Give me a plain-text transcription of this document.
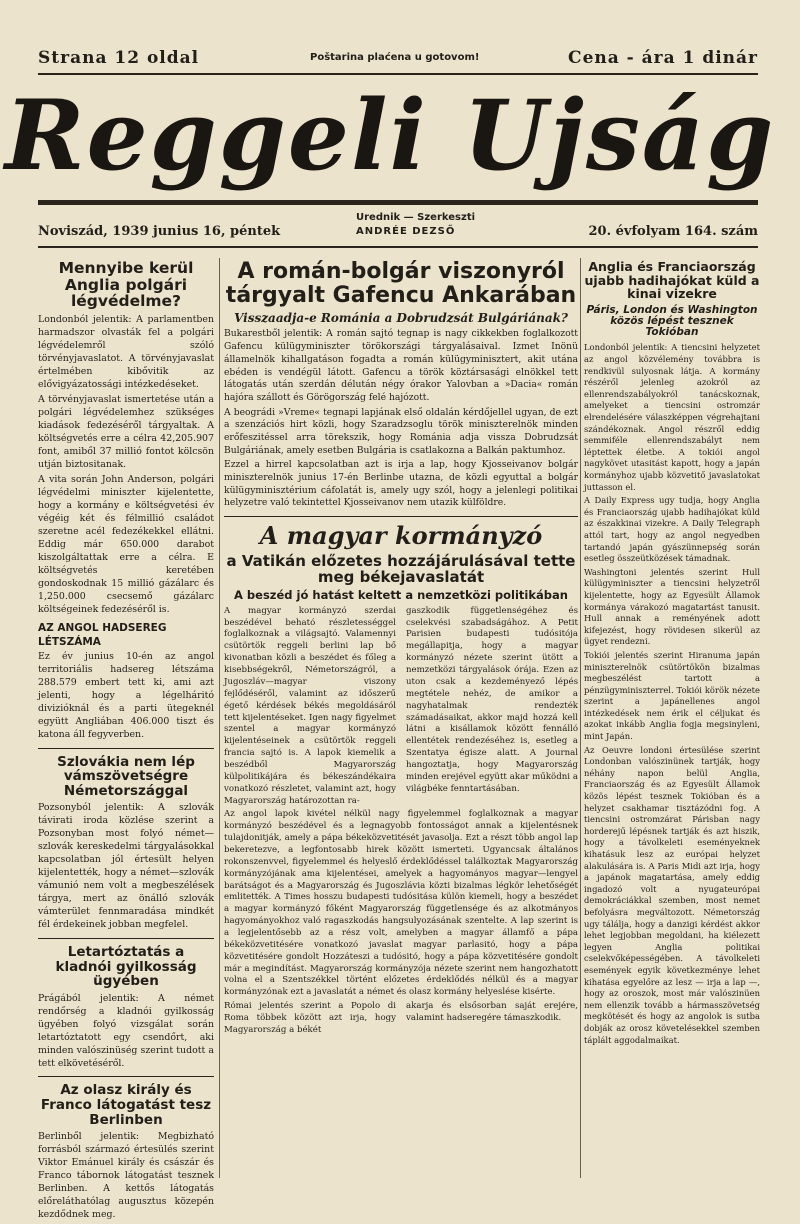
Strana 12 oldal	Poštarina plaćena u gotovom!	Cena - ára 1 dinár
Reggeli Ujság
Noviszád, 1939 junius 16, péntek
Urednik — Szerkeszti
ANDRÉE DEZSŐ	20. évfolyam 164. szám
Mennyibe kerül Anglia polgári légvédelme?

Londonból jelentik: A parlamentben harmadszor olvasták fel a polgári légvédelemről szóló törvényjavaslatot. A törvényjavaslat értelmében kibővitik az elővigyázatossági intézkedéseket.

A törvényjavaslat ismertetése után a polgári légvédelemhez szükséges kiadások fedezéséről tárgyaltak. A költségvetés erre a célra 42,205.907 font, amiből 37 millió fontot kölcsön utján biztositanak.

A vita során John Anderson, polgári légvédelmi miniszter kijelentette, hogy a kormány e költségvetési év végéig két és félmillió családot szeretne acél fedezékekkel ellátni. Eddig már 650.000 darabot kiszolgáltattak erre a célra. E költségvetés keretében gondoskodnak 15 millió gázálarc és 1,250.000 csecsemő gázálarc költségeinek fedezéséről is.

AZ ANGOL HADSEREG LÉTSZÁMA

Ez év junius 10-én az angol territoriális hadsereg létszáma 288.579 embert tett ki, ami azt jelenti, hogy a légelháritó divizióknál és a parti ütegeknél együtt Angliában 406.000 tiszt és katona áll fegyverben.

Szlovákia nem lép vámszövetségre Németországgal

Pozsonyból jelentik: A szlovák távirati iroda közlése szerint a Pozsonyban most folyó német—szlovák kereskedelmi tárgyalásokkal kapcsolatban jól értesült helyen kijelentették, hogy a német—szlovák vámunió nem volt a megbeszélések tárgya, mert az önálló szlovák vámterület fennmaradása mindkét fél érdekeinek jobban megfelel.

Letartóztatás a kladnói gyilkosság ügyében

Prágából jelentik: A német rendőrség a kladnói gyilkosság ügyében folyó vizsgálat során letartóztatott egy csendőrt, aki minden valószinüség szerint tudott a tett elkövetéséről.

Az olasz király és Franco látogatást tesz Berlinben

Berlinből jelentik: Megbizható forrásból származó értesülés szerint Viktor Emánuel király és császár és Franco tábornok látogatást tesznek Berlinben. A kettős látogatás előreláthatólag augusztus közepén kezdődnek meg.

A román-bolgár viszonyról tárgyalt Gafencu Ankarában
Visszaadja-e Románia a Dobrudzsát Bulgáriának?

Bukarestből jelentik: A román sajtó tegnap is nagy cikkekben foglalkozott Gafencu külügyminiszter törökországi tárgyalásaival. Izmet Inönü államelnök kihallgatáson fogadta a román külügyminisztert, akit utána ebéden is vendégül látott. Gafencu a török köztársasági elnökkel tett látogatás után szerdán délután négy órakor Yalovban a »Dacia« román hajóra szállott és Görögország felé hajózott.

A beográdi »Vreme« tegnapi lapjának első oldalán kérdőjellel ugyan, de ezt a szenzációs hirt közli, hogy Szaradzsoglu török miniszterelnök minden erőfeszitéssel arra törekszik, hogy Románia adja vissza Dobrudzsát Bulgáriának, amely esetben Bulgária is csatlakozna a Balkán paktumhoz.

Ezzel a hirrel kapcsolatban azt is irja a lap, hogy Kjosseivanov bolgár miniszterelnök junius 17-én Berlinbe utazna, de közli egyuttal a bolgár külügyminisztérium cáfolatát is, amely ugy szól, hogy a jelenlegi politikai helyzetre való tekintettel Kjosseivanov nem utazik külföldre.

A magyar kormányzó
a Vatikán előzetes hozzájárulásával tette meg békejavaslatát
A beszéd jó hatást keltett a nemzetközi politikában

A magyar kormányzó szerdai beszédével beható részletességgel foglalkoznak a világsajtó. Valamennyi csütörtök reggeli berlini lap bő kivonatban közli a beszédet és főleg a kisebbségekről, Németországról, a Jugoszláv—magyar viszony fejlődéséről, valamint az időszerű égető kérdések békés megoldásáról tett kijelentéseket. Igen nagy figyelmet szentel a magyar kormányzó kijelentéseinek a csütörtök reggeli francia sajtó is. A lapok kiemelik a beszédből Magyarország külpolitikájára és békeszándékaira vonatkozó részletet, valamint azt, hogy Magyarország határozottan ra-

gaszkodik függetlenségéhez és cselekvési szabadságához. A Petit Parisien budapesti tudósitója megállapitja, hogy a magyar kormányzó nézete szerint ütött a nemzetközi tárgyalások órája. Ezen az uton csak a kezdeményező lépés megtétele nehéz, de amikor a nagyhatalmak rendezték számadásaikat, akkor majd hozzá kell látni a kisállamok között fennálló ellentétek rendezéséhez is, esetleg a Szentatya égisze alatt. A Journal hangoztatja, hogy Magyarország minden erejével együtt akar működni a világbéke fenntartásában.

Az angol lapok kivétel nélkül nagy figyelemmel foglalkoznak a magyar kormányzó beszédével és a legnagyobb fontosságot annak a kijelentésnek tulajdonitják, amely a pápa békeközvetitését javasolja. Ezt a részt több angol lap bekeretezve, a legfontosabb hirek között ismerteti. Ugyancsak általános rokonszenvvel, figyelemmel és helyeslő érdeklődéssel találkoztak Magyarország kormányzójának ama kijelentései, amelyek a hagyományos magyar—lengyel barátságot és a Magyarország és Jugoszlávia közti bizalmas légkör lehetőségét emlitették. A Times hosszu budapesti tudósitása külön kiemeli, hogy a beszédet a magyar kormányzó főként Magyarország függetlensége és az alkotmányos hagyományokhoz való ragaszkodás hangsulyozásának szentelte. A lap szerint is a legjelentősebb az a rész volt, amelyben a magyar államfő a pápa békeközvetitésére vonatkozó javaslat magyar parlasitó, hogy a pápa közvetitésére gondolt Hozzáteszi a tudósitó, hogy a pápa közvetitésére gondolt már a megindítást. Magyarország kormányzója nézete szerint nem hangozhatott volna el a Szentszékkel történt előzetes érdeklődés nélkül és a magyar kormányzónak ezt a javaslatát a német és olasz kormány helyeslése kisérte.

Római jelentés szerint a Popolo di Roma többek között azt irja, hogy Magyarország a békét

akarja és elsősorban saját erejére, valamint hadseregére támaszkodik.

Anglia és Franciaország ujabb hadihajókat küld a kinai vizekre
Páris, London és Washington közös lépést tesznek Tokióban

Londonból jelentik: A tiencsini helyzetet az angol közvélemény továbbra is rendkivül sulyosnak látja. A kormány részéről jelenleg azokról az ellenrendszabályokról tanácskoznak, amelyeket a tiencsini ostromzár elrendelésére válaszképpen végrehajtani szándékoznak. Angol részről eddig semmiféle ellenrendszabályt nem léptettek életbe. A tokiói angol nagykövet utasitást kapott, hogy a japán kormányhoz ujabb közvetitő javaslatokat juttasson el.

A Daily Express ugy tudja, hogy Anglia és Franciaország ujabb hadihajókat küld az északkinai vizekre. A Daily Telegraph attól tart, hogy az angol negyedben tartandó japán gyászünnepség során esetleg összeütközések támadnak.

Washingtoni jelentés szerint Hull külügyminiszter a tiencsini helyzetről kijelentette, hogy az Egyesült Államok kormánya várakozó magatartást tanusit. Hull annak a reményének adott kifejezést, hogy rövidesen sikerül az ügyet rendezni.

Tokiói jelentés szerint Hiranuma japán miniszterelnök csütörtökön bizalmas megbeszélést tartott a pénzügyminiszterrel. Tokiói körök nézete szerint a japánellenes angol intézkedések nem érik el céljukat és azokat inkább Anglia fogja megsinyleni, mint Japán.

Az Oeuvre londoni értesülése szerint Londonban valószinünek tartják, hogy néhány napon belül Anglia, Franciaország és az Egyesült Államok közös lépést tesznek Tokióban és a helyzet csakhamar tisztázódni fog. A tiencsini ostromzárat Párisban nagy horderejű lépésnek tartják és azt hiszik, hogy a távolkeleti eseményeknek kihatásuk lesz az európai helyzet alakulására is. A Paris Midi azt irja, hogy a japánok magatartása, amely eddig ingadozó volt a nyugateurópai demokráciákkal szemben, most nemet befolyásra megváltozott. Németország ugy tálálja, hogy a danzigi kérdést akkor lehet legjobban megoldani, ha kiélezett legyen Anglia politikai cselekvőképességében. A távolkeleti események egyik következménye lehet kihatása egyelőre az lesz — irja a lap —, hogy az oroszok, most már valószinüen nem ellenzik tovább a hármasszövetség megkötését és hogy az angolok is sutba dobják az orosz követelésekkel szemben táplált aggodalmaikat.
